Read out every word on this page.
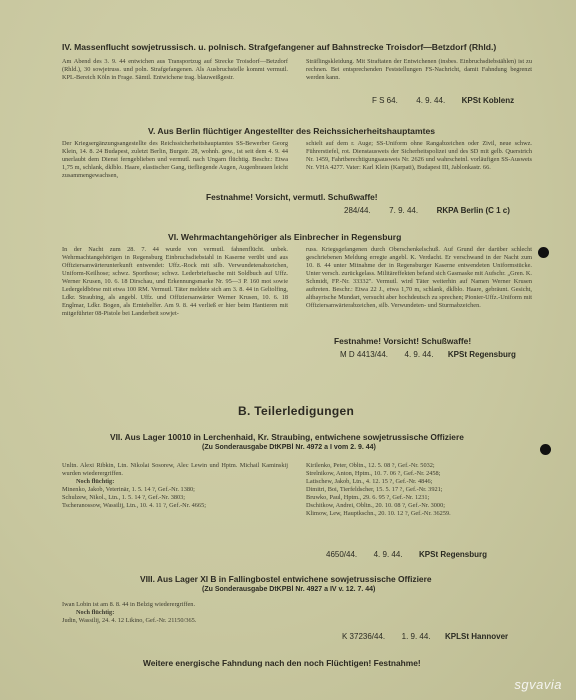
IV. Massenflucht sowjetrussisch. u. polnisch. Strafgefangener auf Bahnstrecke Troisdorf—Betzdorf (Rhld.)

Am Abend des 3. 9. 44 entwichen aus Transportzug auf Strecke Troisdorf—Betzdorf (Rhld.), 30 sowjetruss. und poln. Strafgefangenen. Als Ausbruchstelle kommt vermutl. KPL-Bereich Köln in Frage. Sämtl. Entwichene trag. blauweißgestr.

Sträflingskleidung. Mit Straftaten der Entwichenen (insbes. Einbruchsdiebstählen) ist zu rechnen. Bei entsprechenden Feststellungen FS-Nachricht, damit Fahndung begrenzt werden kann.

F S 64. 4. 9. 44. KPSt Koblenz
V. Aus Berlin flüchtiger Angestellter des Reichssicherheitshauptamtes

Der Kriegsergänzungsangestellte des Reichssicherheitshauptamtes SS-Bewerber Georg Klein, 14. 8. 24 Budapest, zuletzt Berlin, Burgstr. 28, wohnh. gew., ist seit dem 4. 9. 44 unerlaubt dem Dienst ferngeblieben und vermutl. nach Ungarn flüchtig. Beschr.: Etwa 1,75 m, schlank, dklblo. Haare, elastischer Gang, tiefliegende Augen, Augenbrauen leicht zusammengewachsen,

schielt auf dem r. Auge; SS-Uniform ohne Rangabzeichen oder Zivil, neue schwz. Führerstiefel, rot. Dienstausweis der Sicherheitspolizei und des SD mit gelb. Querstrich Nr. 1459, Fahrtberechtigungsausweis Nr. 2626 und wahrscheinl. vorläufigen SS-Ausweis Nr. VHA 4277. Vater: Karl Klein (Karpati), Budapest III, Jablonkastr. 66.

Festnahme! Vorsicht, vermutl. Schußwaffe!
284/44. 7. 9. 44. RKPA Berlin (C 1 c)
VI. Wehrmachtangehöriger als Einbrecher in Regensburg

In der Nacht zum 28. 7. 44 wurde von vermutl. fahnenflücht. unbek. Wehrmachtangehörigen in Regensburg Einbruchsdiebstahl in Kaserne verübt und aus Offiziersanwärterunterkunft entwendet: Uffz.-Rock mit silb. Verwundetenabzeichen, Uniform-Keilhose; schwz. Sporthose; schwz. Lederbrieftasche mit Soldbuch auf Uffz. Werner Krusen, 10. 6. 18 Dirschau, und Erkennungsmarke Nr. 95—3 P. 160 mot sowie Ledergeldbörse mit etwa 100 RM. Vermutl. Täter meldete sich am 3. 8. 44 in Geltolfing, Ldkr. Straubing, als angebl. Uffz. und Offiziersanwärter Werner Krusen, 10. 6. 18 Englmar, Ldkr. Bogen, als Erntehelfer. Am 9. 8. 44 verließ er hier beim Hantieren mit mitgeführter 08-Pistole bei Landerbeit sowjet-

russ. Kriegsgefangenen durch Oberschenkelschuß. Auf Grund der darüber schlecht geschriebenen Meldung erregte angebl. K. Verdacht. Er verschwand in der Nacht zum 10. 8. 44 unter Mitnahme der in Regensburger Kaserne entwendeten Uniformstücke. Unter versch. zurückgelass. Militäreffekten befand sich Gasmaske mit Aufschr. „Gren. K. Schmidt, FP.-Nr. 33332". Vermutl. wird Täter weiterhin auf Namen Werner Krusen auftreten. Beschr.: Etwa 22 J., etwa 1,70 m, schlank, dklblo. Haare, gebräunt. Gesicht, altbayrische Mundart, versucht aber hochdeutsch zu sprechen; Pionier-Uffz.-Uniform mit Offiziersanwärterabzeichen, silb. Verwundeten- und Sturmabzeichen.

Festnahme! Vorsicht! Schußwaffe!
M D 4413/44. 4. 9. 44. KPSt Regensburg
B. Teilerledigungen
VII. Aus Lager 10010 in Lerchenhaid, Kr. Straubing, entwichene sowjetrussische Offiziere
(Zu Sonderausgabe DtKPBl Nr. 4972 a I vom 2. 9. 44)

Unltn. Alexi Ribkin, Ltn. Nikolai Sosorew, Alec Lewin und Hptm. Michail Kaminskij wurden wiederergriffen.

Noch flüchtig:

Minenko, Jakob, Veterinär, 1. 5. 14 ?, Gef.-Nr. 1380;
Schulzew, Nikol., Ltn., 1. 5. 14 ?, Gef.-Nr. 3803;
Tscheranossow, Wassilij, Ltn., 10. 4. 11 ?, Gef.-Nr. 4665;
Kirilenko, Peter, Obltn., 12. 5. 08 ?, Gef.-Nr. 5032;
Strelnikow, Anton, Hptm., 10. 7. 06 ?, Gef.-Nr. 2458;
Latischew, Jakob, Ltn., 4. 12. 15 ?, Gef.-Nr. 4846;
Dimitri, Boi, Tierfeldscher, 15. 5. 17 ?, Gef.-Nr. 3921;
Bruwko, Paul, Hptm., 29. 6. 95 ?, Gef.-Nr. 1231;
Dschitkow, Andrei, Obltn., 20. 10. 08 ?, Gef.-Nr. 3000;
Klimow, Lew, Hauptkschn., 20. 10. 12 ?, Gef.-Nr. 36259.
4650/44. 4. 9. 44. KPSt Regensburg
VIII. Aus Lager XI B in Fallingbostel entwichene sowjetrussische Offiziere
(Zu Sonderausgabe DtKPBl Nr. 4927 a IV v. 12. 7. 44)

Iwan Lobin ist am 8. 8. 44 in Belzig wiederergriffen.

Noch flüchtig:

Judin, Wassilij, 24. 4. 12 Likino, Gef.-Nr. 21150/365.
K 37236/44. 1. 9. 44. KPLSt Hannover
Weitere energische Fahndung nach den noch Flüchtigen! Festnahme!
sgvavia
